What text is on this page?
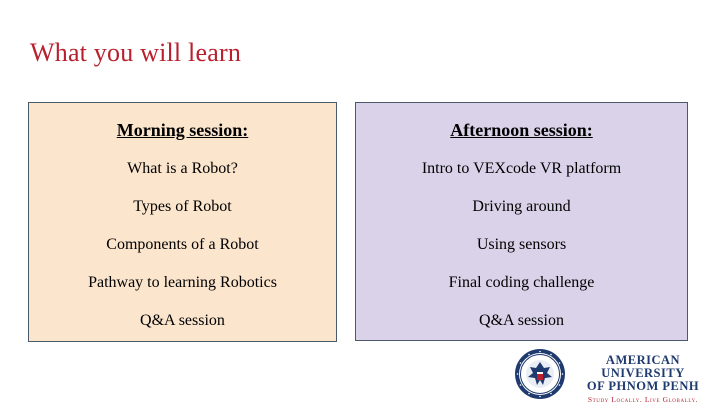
What you will learn
Morning session:
What is a Robot?
Types of Robot
Components of a Robot
Pathway to learning Robotics
Q&A session
Afternoon session:
Intro to VEXcode VR platform
Driving around
Using sensors
Final coding challenge
Q&A session
AMERICAN UNIVERSITY
OF PHNOM PENH
Study Locally. Live Globally.
